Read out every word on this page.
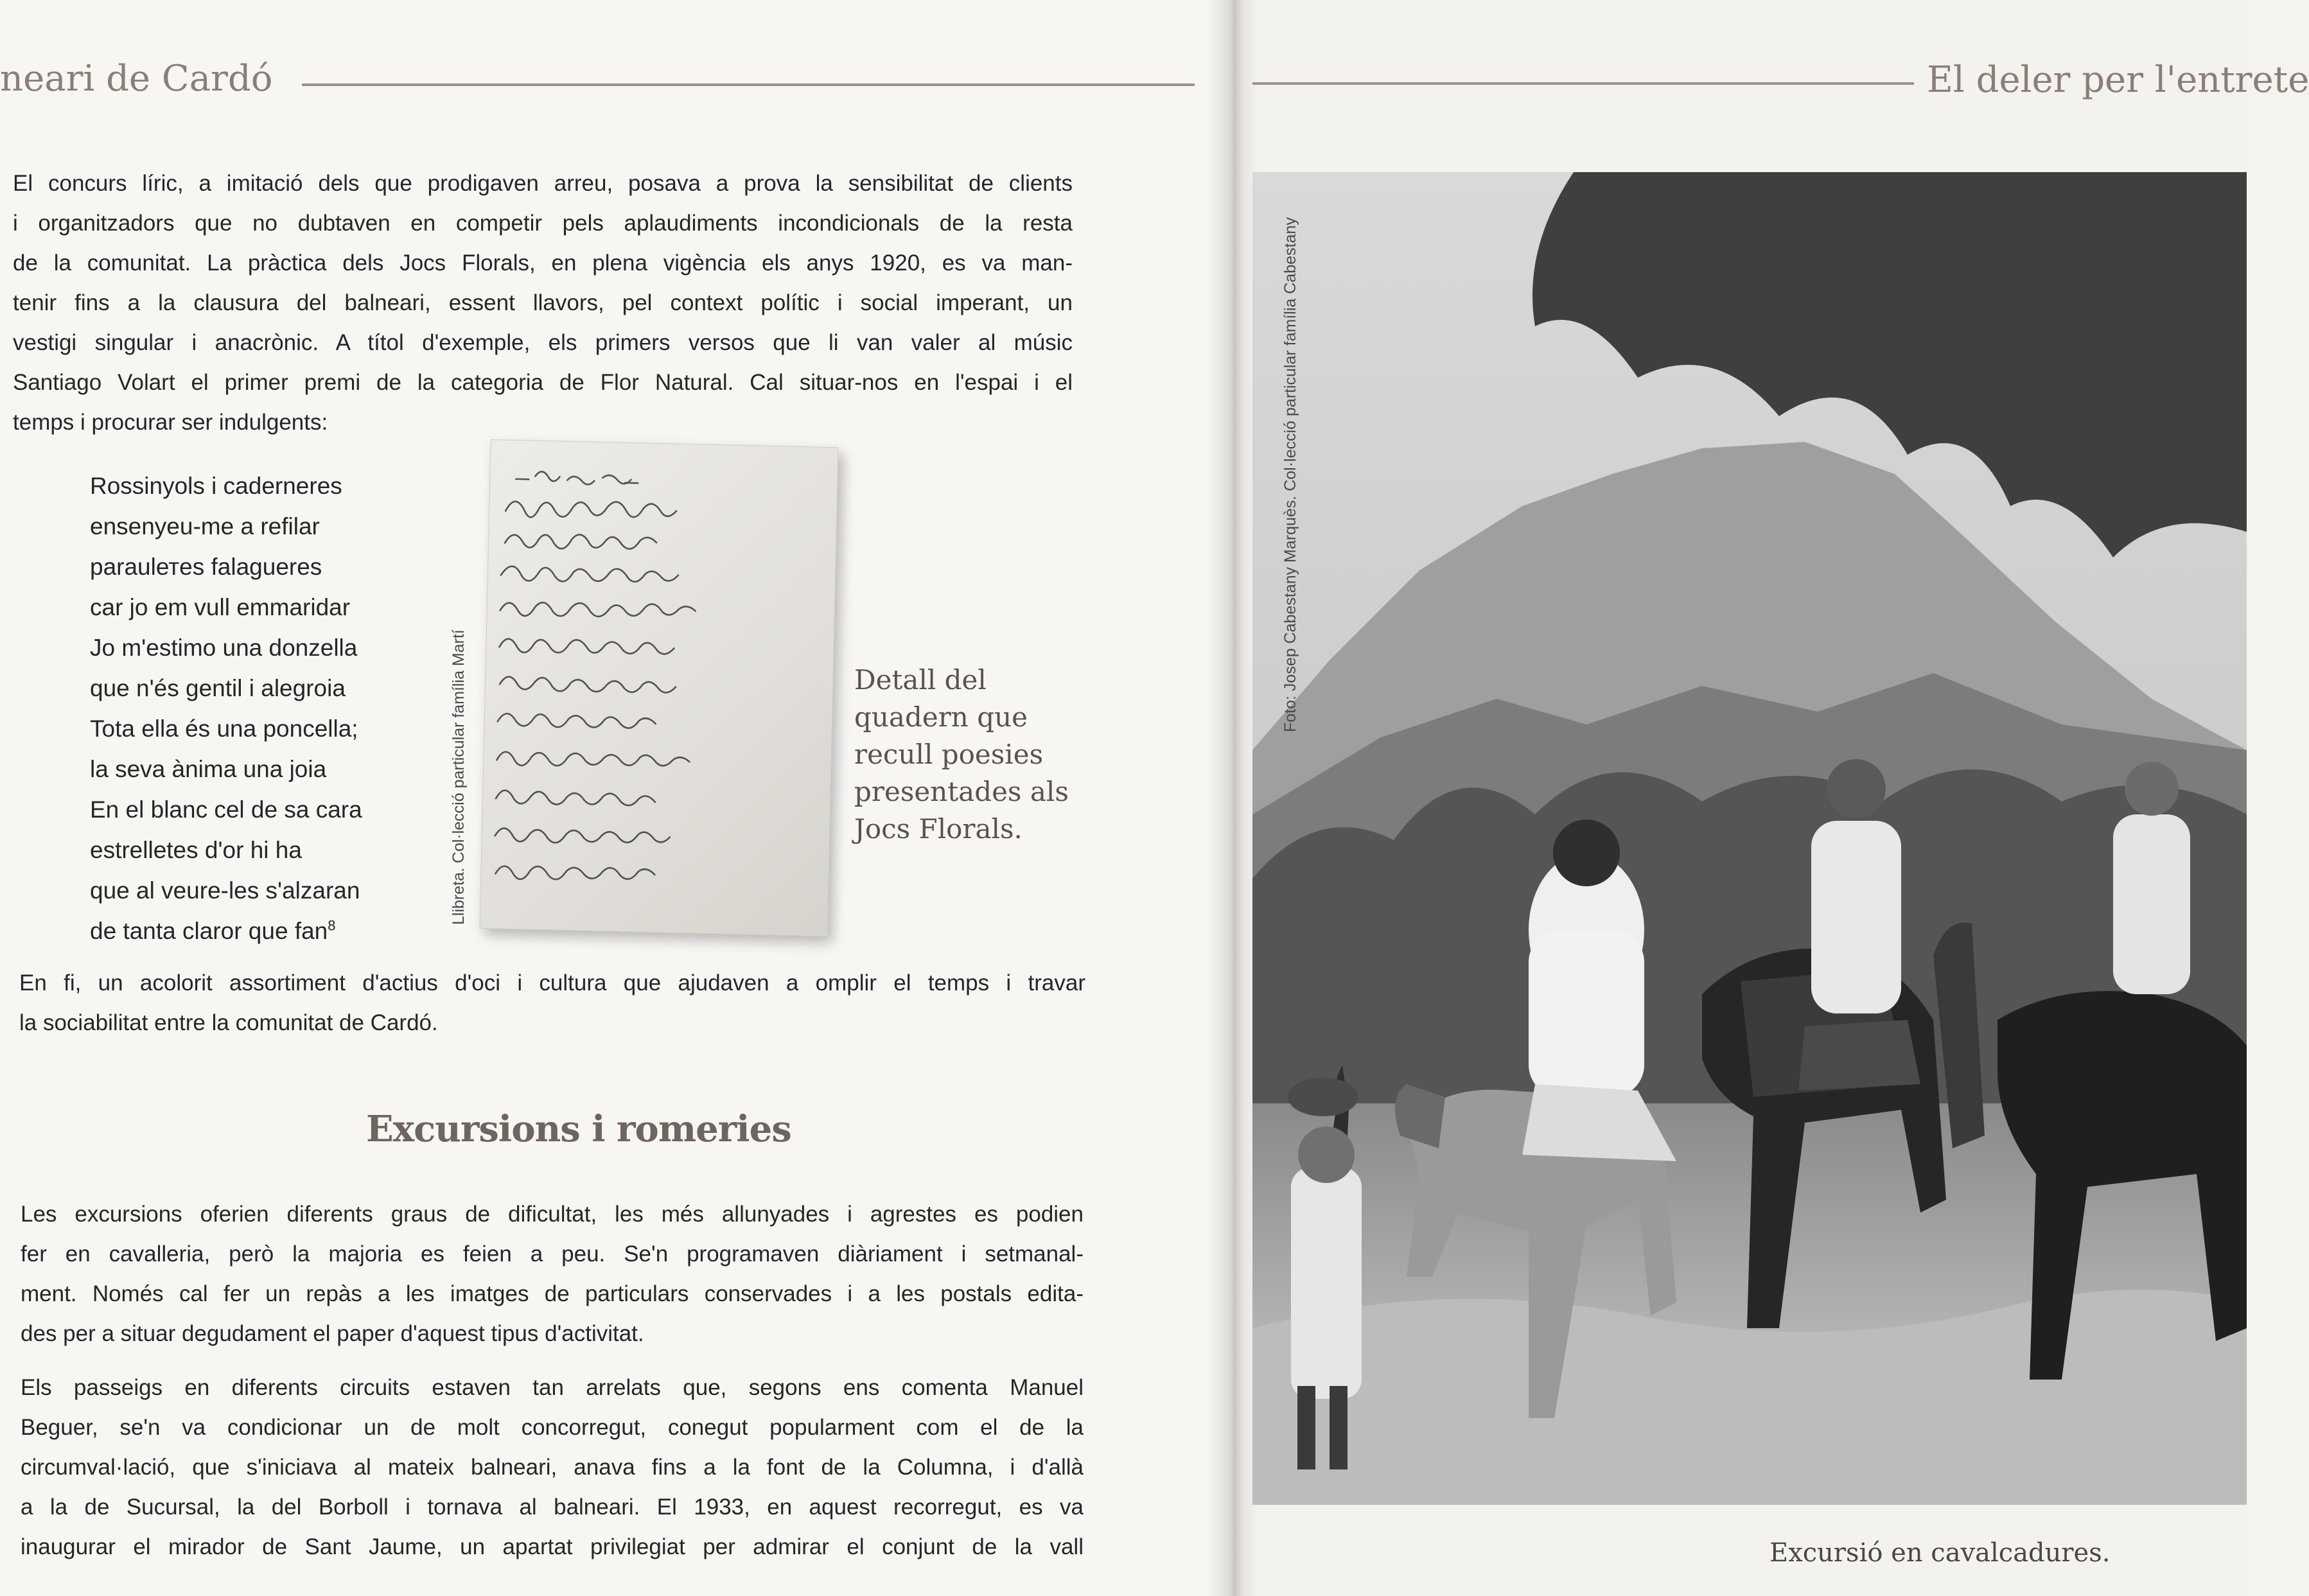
neari de Cardó	El deler per l'entrete
El concurs líric, a imitació dels que prodigaven arreu, posava a prova la sensibilitat de clients
i organitzadors que no dubtaven en competir pels aplaudiments incondicionals de la resta
de la comunitat. La pràctica dels Jocs Florals, en plena vigència els anys 1920, es va man-
tenir fins a la clausura del balneari, essent llavors, pel context polític i social imperant, un
vestigi singular i anacrònic. A títol d'exemple, els primers versos que li van valer al músic
Santiago Volart el primer premi de la categoria de Flor Natural. Cal situar-nos en l'espai i el
temps i procurar ser indulgents:
Rossinyols i caderneres
ensenyeu-me a refilar
paraulетes falagueres
car jo em vull emmaridar
Jo m'estimo una donzella
que n'és gentil i alegroia
Tota ella és una poncella;
la seva ànima una joia
En el blanc cel de sa cara
estrelletes d'or hi ha
que al veure-les s'alzaran
de tanta claror que fan$^8$
Llibreta. Col·lecció particular família Martí	Detall del
quadern que
recull poesies
presentades als
Jocs Florals.
En fi, un acolorit assortiment d'actius d'oci i cultura que ajudaven a omplir el temps i travar
la sociabilitat entre la comunitat de Cardó.
Excursions i romeries
Les excursions oferien diferents graus de dificultat, les més allunyades i agrestes es podien
fer en cavalleria, però la majoria es feien a peu. Se'n programaven diàriament i setmanal-
ment. Només cal fer un repàs a les imatges de particulars conservades i a les postals edita-
des per a situar degudament el paper d'aquest tipus d'activitat.
Els passeigs en diferents circuits estaven tan arrelats que, segons ens comenta Manuel
Beguer, se'n va condicionar un de molt concorregut, conegut popularment com el de la
circumval·lació, que s'iniciava al mateix balneari, anava fins a la font de la Columna, i d'allà
a la de Sucursal, la del Borboll i tornava al balneari. El 1933, en aquest recorregut, es va
inaugurar el mirador de Sant Jaume, un apartat privilegiat per admirar el conjunt de la vall
Foto: Josep Cabestany Marquès. Col·lecció particular família Cabestany
Excursió en cavalcadures.
